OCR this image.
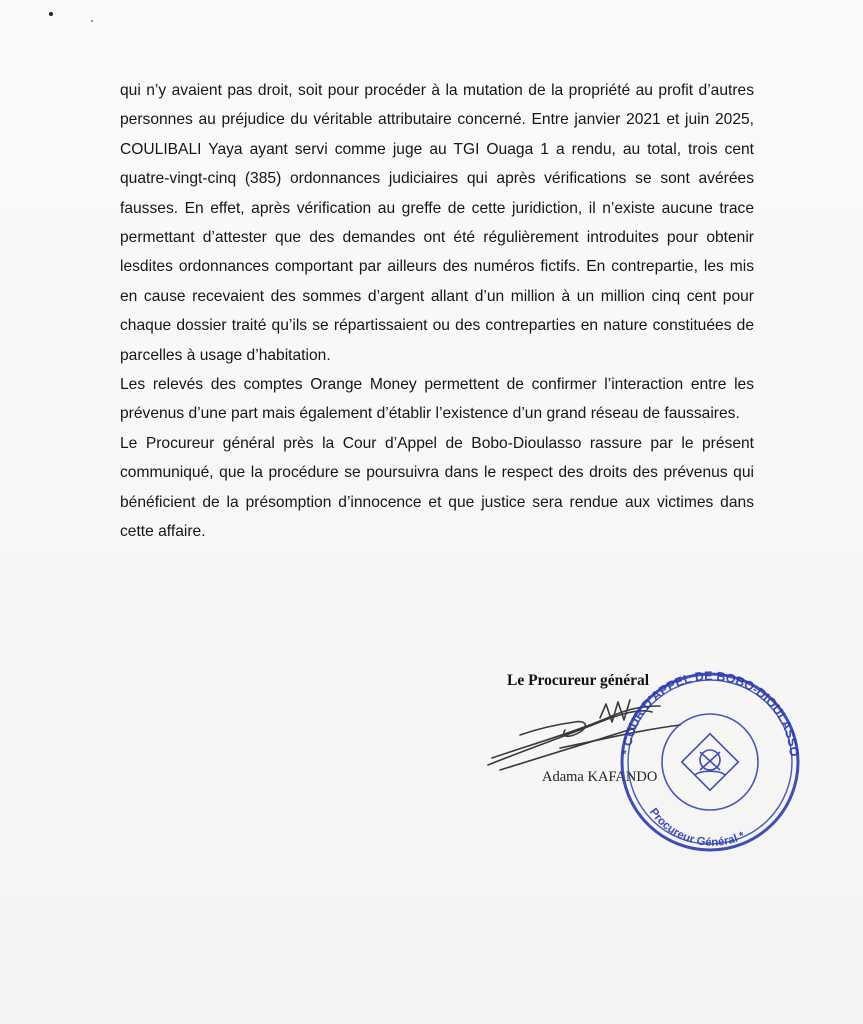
qui n’y avaient pas droit, soit pour procéder à la mutation de la propriété au profit d’autres personnes au préjudice du véritable attributaire concerné. Entre janvier 2021 et juin 2025, COULIBALI Yaya ayant servi comme juge au TGI Ouaga 1 a rendu, au total, trois cent quatre-vingt-cinq (385) ordonnances judiciaires qui après vérifications se sont avérées fausses. En effet, après vérification au greffe de cette juridiction, il n’existe aucune trace permettant d’attester que des demandes ont été régulièrement introduites pour obtenir lesdites ordonnances comportant par ailleurs des numéros fictifs. En contrepartie, les mis en cause recevaient des sommes d’argent allant d’un million à un million cinq cent pour chaque dossier traité qu’ils se répartissaient ou des contreparties en nature constituées de parcelles à usage d’habitation.

Les relevés des comptes Orange Money permettent de confirmer l’interaction entre les prévenus d’une part mais également d’établir l’existence d’un grand réseau de faussaires.

Le Procureur général près la Cour d’Appel de Bobo-Dioulasso rassure par le présent communiqué, que la procédure se poursuivra dans le respect des droits des prévenus qui bénéficient de la présomption d’innocence et que justice sera rendue aux victimes dans cette affaire.

Le Procureur général
Adama KAFANDO
* COUR D'APPEL DE BOBO-DIOULASSO
Procureur Général *
